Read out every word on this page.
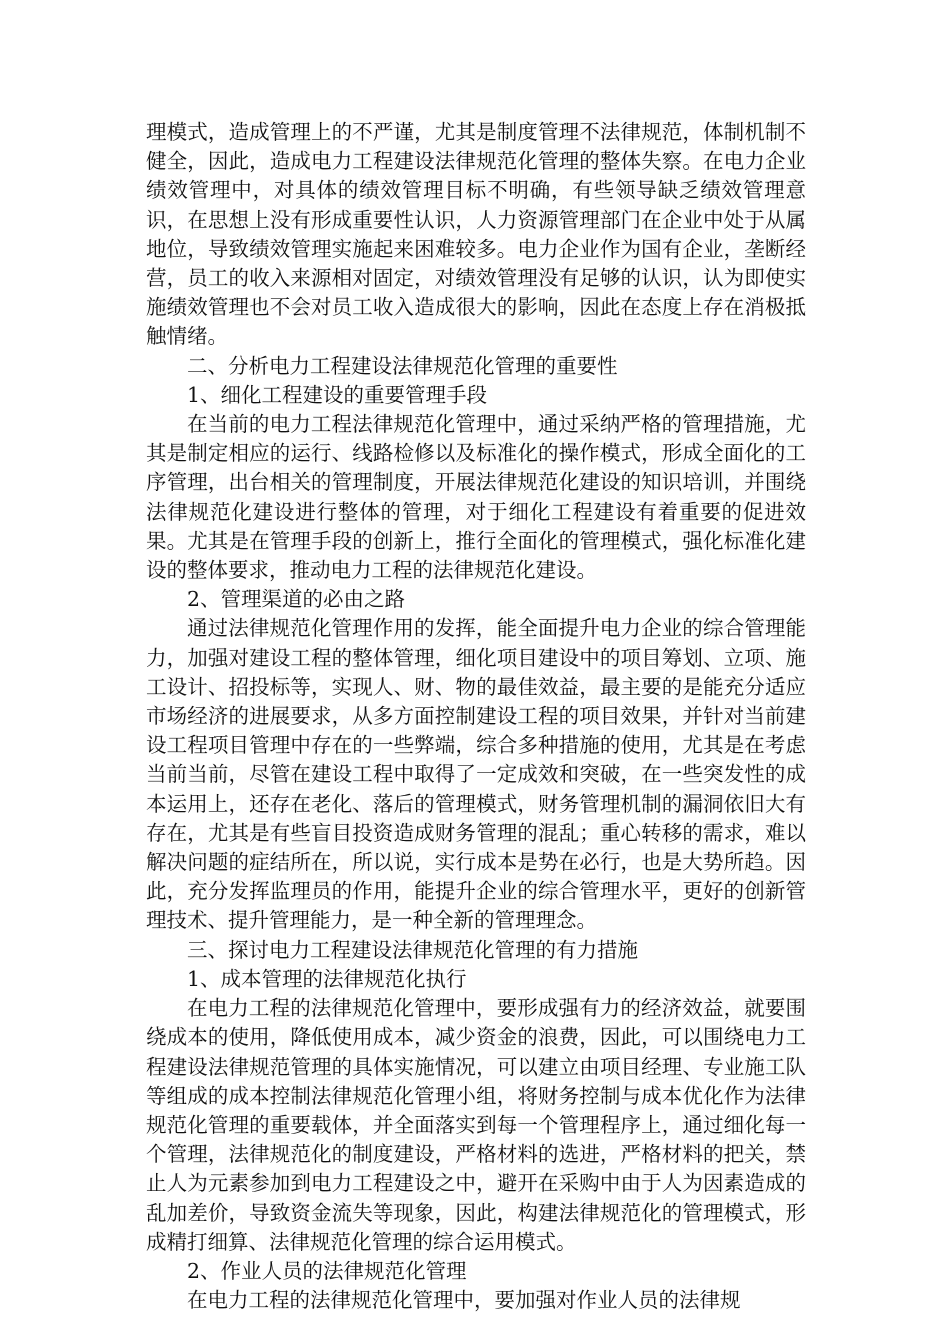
理模式，造成管理上的不严谨，尤其是制度管理不法律规范，体制机制不健全，因此，造成电力工程建设法律规范化管理的整体失察。在电力企业绩效管理中，对具体的绩效管理目标不明确，有些领导缺乏绩效管理意识，在思想上没有形成重要性认识，人力资源管理部门在企业中处于从属地位，导致绩效管理实施起来困难较多。电力企业作为国有企业，垄断经营，员工的收入来源相对固定，对绩效管理没有足够的认识，认为即使实施绩效管理也不会对员工收入造成很大的影响，因此在态度上存在消极抵触情绪。

二、分析电力工程建设法律规范化管理的重要性

1、细化工程建设的重要管理手段

在当前的电力工程法律规范化管理中，通过采纳严格的管理措施，尤其是制定相应的运行、线路检修以及标准化的操作模式，形成全面化的工序管理，出台相关的管理制度，开展法律规范化建设的知识培训，并围绕法律规范化建设进行整体的管理，对于细化工程建设有着重要的促进效果。尤其是在管理手段的创新上，推行全面化的管理模式，强化标准化建设的整体要求，推动电力工程的法律规范化建设。

2、管理渠道的必由之路

通过法律规范化管理作用的发挥，能全面提升电力企业的综合管理能力，加强对建设工程的整体管理，细化项目建设中的项目筹划、立项、施工设计、招投标等，实现人、财、物的最佳效益，最主要的是能充分适应市场经济的进展要求，从多方面控制建设工程的项目效果，并针对当前建设工程项目管理中存在的一些弊端，综合多种措施的使用，尤其是在考虑当前当前，尽管在建设工程中取得了一定成效和突破，在一些突发性的成本运用上，还存在老化、落后的管理模式，财务管理机制的漏洞依旧大有存在，尤其是有些盲目投资造成财务管理的混乱；重心转移的需求，难以解决问题的症结所在，所以说，实行成本是势在必行，也是大势所趋。因此，充分发挥监理员的作用，能提升企业的综合管理水平，更好的创新管理技术、提升管理能力，是一种全新的管理理念。

三、探讨电力工程建设法律规范化管理的有力措施

1、成本管理的法律规范化执行

在电力工程的法律规范化管理中，要形成强有力的经济效益，就要围绕成本的使用，降低使用成本，减少资金的浪费，因此，可以围绕电力工程建设法律规范管理的具体实施情况，可以建立由项目经理、专业施工队等组成的成本控制法律规范化管理小组，将财务控制与成本优化作为法律规范化管理的重要载体，并全面落实到每一个管理程序上，通过细化每一个管理，法律规范化的制度建设，严格材料的选进，严格材料的把关，禁止人为元素参加到电力工程建设之中，避开在采购中由于人为因素造成的乱加差价，导致资金流失等现象，因此，构建法律规范化的管理模式，形成精打细算、法律规范化管理的综合运用模式。

2、作业人员的法律规范化管理

在电力工程的法律规范化管理中，要加强对作业人员的法律规
